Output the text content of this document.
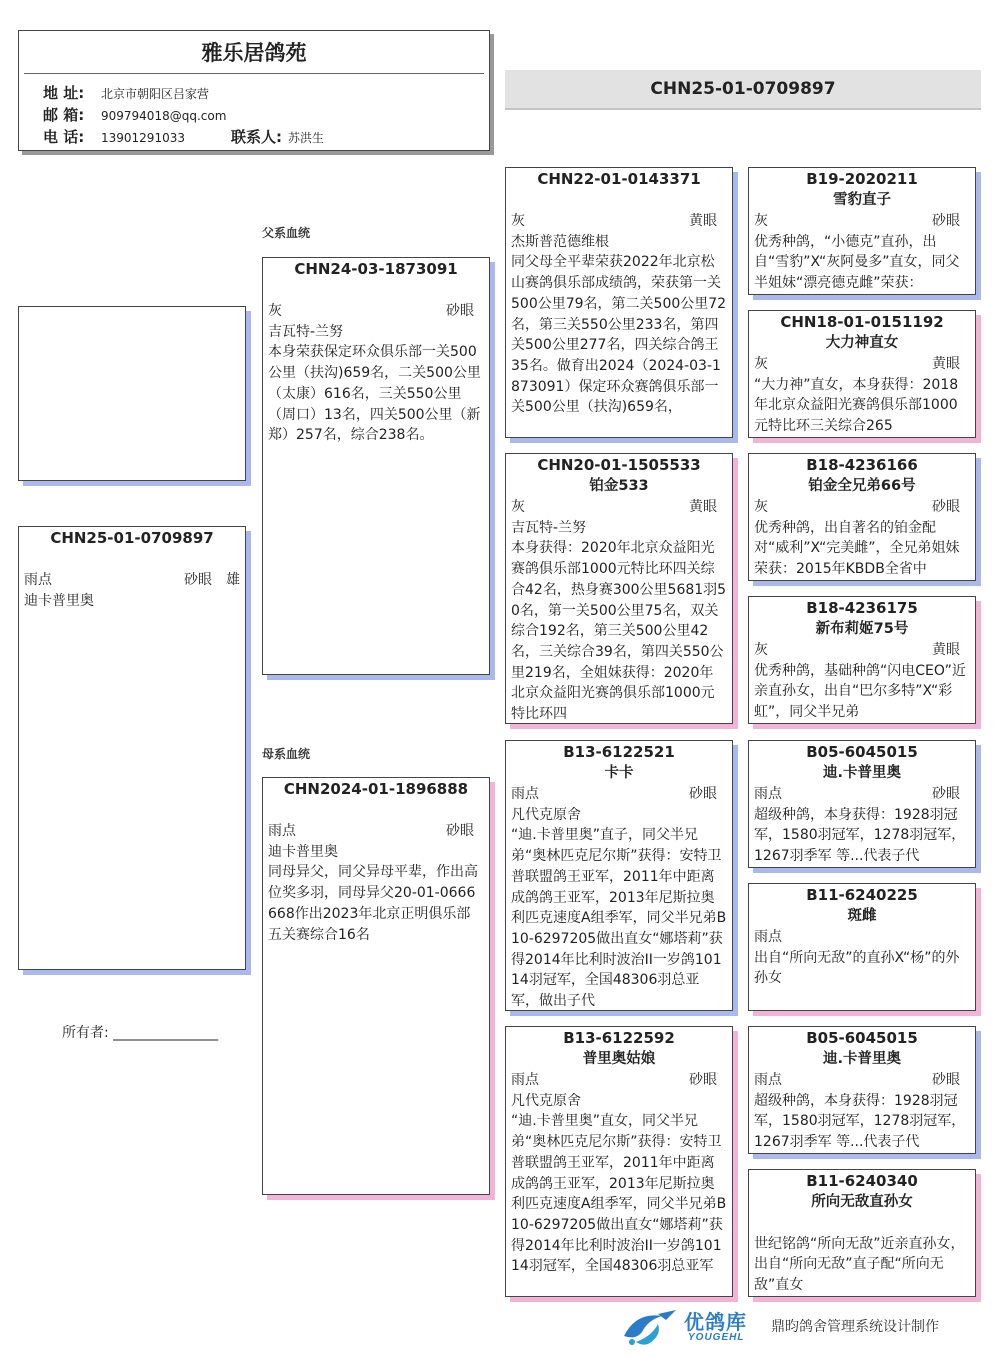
雅乐居鸽苑
地 址: 北京市朝阳区吕家营
邮 箱: 909794018@qq.com
电 话: 13901291033	联系人: 苏洪生
CHN25-01-0709897
CHN25-01-0709897
雨点	砂眼 雄
迪卡普里奥
所有者: _______________
父系血统
母系血统
CHN24-03-1873091
灰	砂眼
吉瓦特-兰努
本身荣获保定环众俱乐部一关500公里（扶沟)659名，二关500公里（太康）616名，三关550公里（周口）13名，四关500公里（新郑）257名，综合238名。
CHN2024-01-1896888
雨点	砂眼
迪卡普里奥
同母异父，同父异母平辈，作出高位奖多羽，同母异父20-01-0666668作出2023年北京正明俱乐部五关赛综合16名
CHN22-01-0143371
灰	黄眼
杰斯普范德维根
同父母全平辈荣获2022年北京松山赛鸽俱乐部成绩鸽，荣获第一关500公里79名，第二关500公里72名，第三关550公里233名，第四关500公里277名，四关综合鸽王35名。做育出2024（2024-03-1873091）保定环众赛鸽俱乐部一关500公里（扶沟)659名，
CHN20-01-1505533
铂金533
灰	黄眼
吉瓦特-兰努
本身获得：2020年北京众益阳光赛鸽俱乐部1000元特比环四关综合42名，热身赛300公里5681羽50名，第一关500公里75名，双关综合192名，第三关500公里42名，三关综合39名，第四关550公里219名，全姐妹获得：2020年北京众益阳光赛鸽俱乐部1000元特比环四
B13-6122521
卡卡
雨点	砂眼
凡代克原舍
“迪.卡普里奥”直子，同父半兄弟“奥林匹克尼尔斯”获得：安特卫普联盟鸽王亚军，2011年中距离成鸽鸽王亚军，2013年尼斯拉奥利匹克速度A组季军，同父半兄弟B10-6297205做出直女“娜塔莉”获得2014年比利时波治II一岁鸽10114羽冠军，全国48306羽总亚军，做出子代
B13-6122592
普里奥姑娘
雨点	砂眼
凡代克原舍
“迪.卡普里奥”直女，同父半兄弟“奥林匹克尼尔斯”获得：安特卫普联盟鸽王亚军，2011年中距离成鸽鸽王亚军，2013年尼斯拉奥利匹克速度A组季军，同父半兄弟B10-6297205做出直女“娜塔莉”获得2014年比利时波治II一岁鸽10114羽冠军，全国48306羽总亚军
B19-2020211
雪豹直子
灰	砂眼
优秀种鸽，“小德克”直孙，出自“雪豹”X“灰阿曼多”直女，同父半姐妹“漂亮德克雌”荣获：
CHN18-01-0151192
大力神直女
灰	黄眼
“大力神”直女，本身获得：2018年北京众益阳光赛鸽俱乐部1000元特比环三关综合265
B18-4236166
铂金全兄弟66号
灰	砂眼
优秀种鸽，出自著名的铂金配对“威利”X“完美雌”，全兄弟姐妹荣获：2015年KBDB全省中
B18-4236175
新布莉姬75号
灰	黄眼
优秀种鸽，基础种鸽“闪电CEO”近亲直孙女，出自“巴尔多特”X“彩虹”，同父半兄弟
B05-6045015
迪.卡普里奥
雨点	砂眼
超级种鸽，本身获得：1928羽冠军，1580羽冠军，1278羽冠军，1267羽季军 等...代表子代
B11-6240225
斑雌
雨点
出自“所向无敌”的直孙X“杨”的外孙女
B05-6045015
迪.卡普里奥
雨点	砂眼
超级种鸽，本身获得：1928羽冠军，1580羽冠军，1278羽冠军，1267羽季军 等...代表子代
B11-6240340
所向无敌直孙女
世纪铭鸽“所向无敌”近亲直孙女，出自“所向无敌”直子配“所向无敌”直女
优鸽库
YOUGEHL
鼎昀鸽舍管理系统设计制作
